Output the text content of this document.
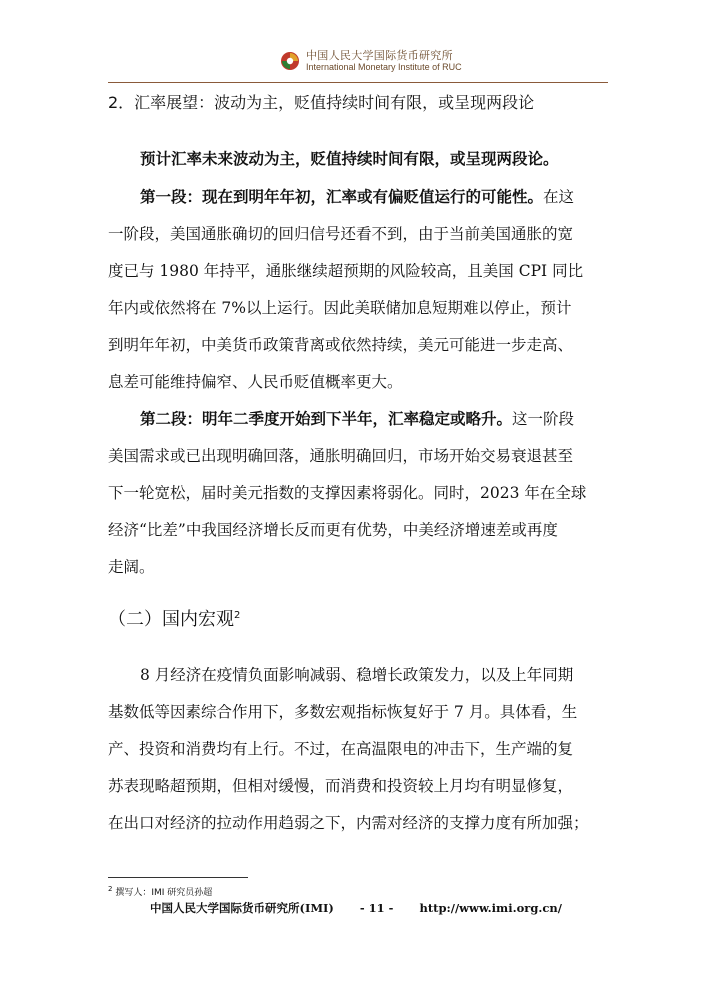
中国人民大学国际货币研究所
International Monetary Institute of RUC
2．汇率展望：波动为主，贬值持续时间有限，或呈现两段论
预计汇率未来波动为主，贬值持续时间有限，或呈现两段论。
第一段：现在到明年年初，汇率或有偏贬值运行的可能性。在这
一阶段，美国通胀确切的回归信号还看不到，由于当前美国通胀的宽
度已与 1980 年持平，通胀继续超预期的风险较高，且美国 CPI 同比
年内或依然将在 7%以上运行。因此美联储加息短期难以停止，预计
到明年年初，中美货币政策背离或依然持续，美元可能进一步走高、
息差可能维持偏窄、人民币贬值概率更大。
第二段：明年二季度开始到下半年，汇率稳定或略升。这一阶段
美国需求或已出现明确回落，通胀明确回归，市场开始交易衰退甚至
下一轮宽松，届时美元指数的支撑因素将弱化。同时，2023 年在全球
经济“比差”中我国经济增长反而更有优势，中美经济增速差或再度
走阔。
（二）国内宏观$^2$
8 月经济在疫情负面影响减弱、稳增长政策发力，以及上年同期
基数低等因素综合作用下，多数宏观指标恢复好于 7 月。具体看，生
产、投资和消费均有上行。不过，在高温限电的冲击下，生产端的复
苏表现略超预期，但相对缓慢，而消费和投资较上月均有明显修复，
在出口对经济的拉动作用趋弱之下，内需对经济的支撑力度有所加强；
$^2$ 撰写人：IMI 研究员孙超
中国人民大学国际货币研究所(IMI) - 11 - http://www.imi.org.cn/
